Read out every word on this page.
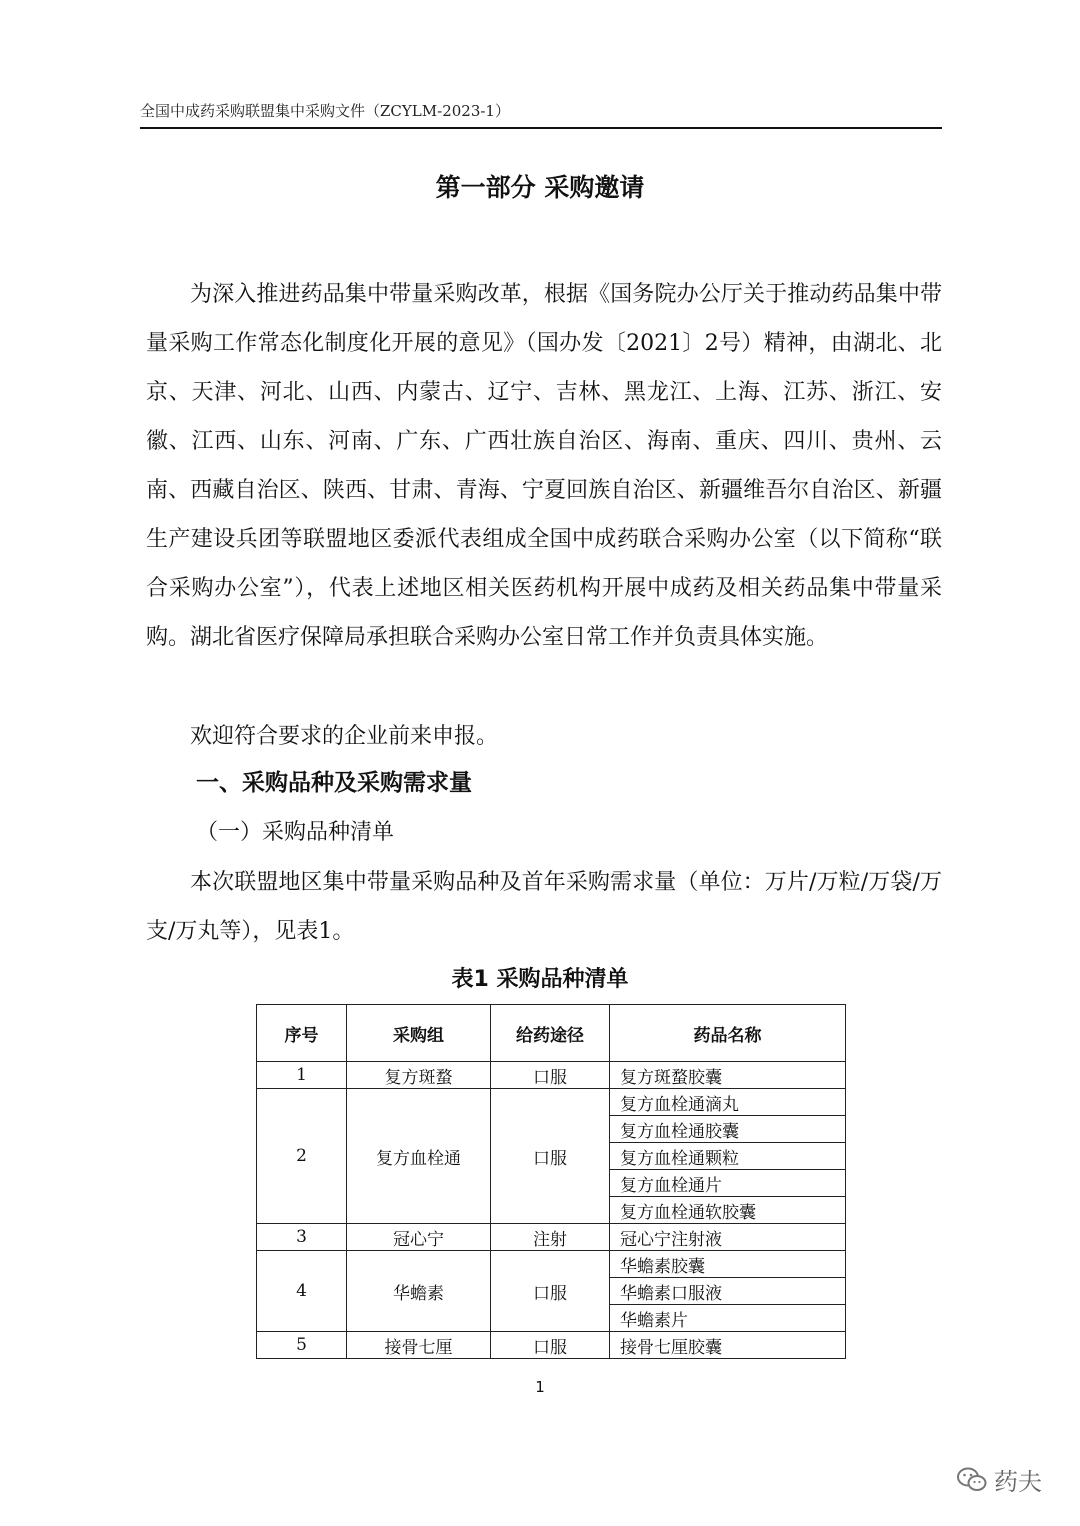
全国中成药采购联盟集中采购文件（ZCYLM-2023-1）
第一部分 采购邀请

为深入推进药品集中带量采购改革，根据《国务院办公厅关于推动药品集中带量采购工作常态化制度化开展的意见》（国办发〔2021〕2号）精神，由湖北、北京、天津、河北、山西、内蒙古、辽宁、吉林、黑龙江、上海、江苏、浙江、安徽、江西、山东、河南、广东、广西壮族自治区、海南、重庆、四川、贵州、云南、西藏自治区、陕西、甘肃、青海、宁夏回族自治区、新疆维吾尔自治区、新疆生产建设兵团等联盟地区委派代表组成全国中成药联合采购办公室（以下简称“联合采购办公室”），代表上述地区相关医药机构开展中成药及相关药品集中带量采购。湖北省医疗保障局承担联合采购办公室日常工作并负责具体实施。

欢迎符合要求的企业前来申报。

一、采购品种及采购需求量
（一）采购品种清单

本次联盟地区集中带量采购品种及首年采购需求量（单位：万片/万粒/万袋/万支/万丸等），见表1。

表1 采购品种清单
序号	采购组	给药途径	药品名称
1	复方斑蝥	口服	复方斑蝥胶囊
2	复方血栓通	口服	复方血栓通滴丸
			复方血栓通胶囊
			复方血栓通颗粒
			复方血栓通片
			复方血栓通软胶囊
3	冠心宁	注射	冠心宁注射液
4	华蟾素	口服	华蟾素胶囊
			华蟾素口服液
			华蟾素片
5	接骨七厘	口服	接骨七厘胶囊
1
药夫
